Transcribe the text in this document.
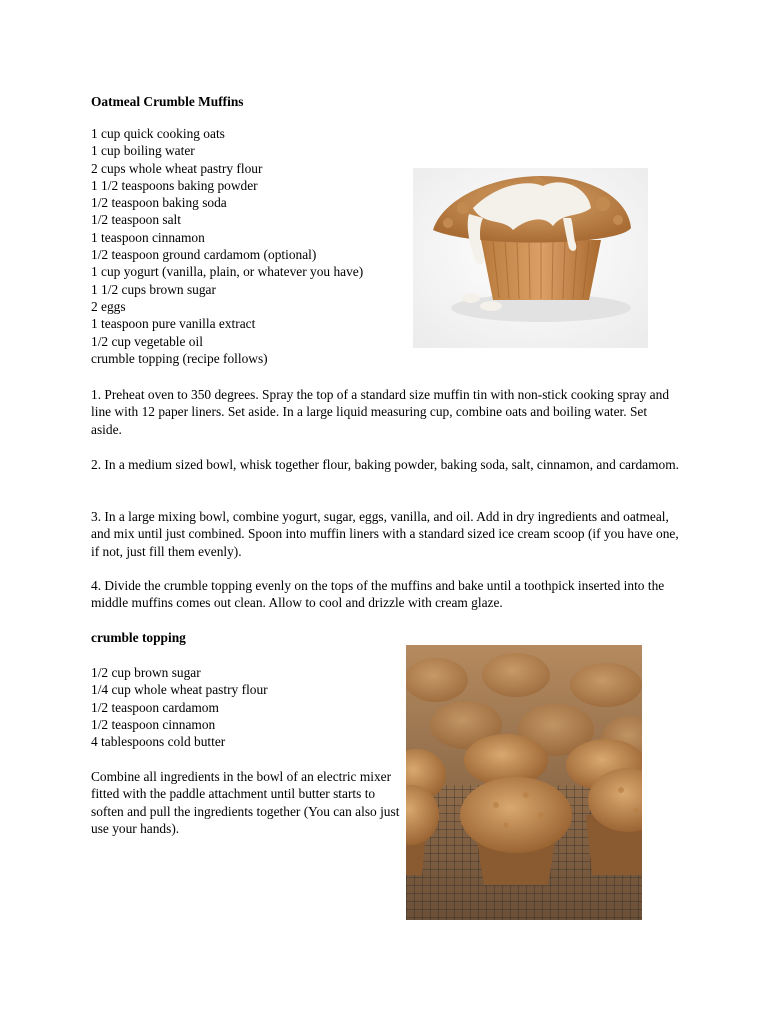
Oatmeal Crumble Muffins
1 cup quick cooking oats
1 cup boiling water
2 cups whole wheat pastry flour
1 1/2 teaspoons baking powder
1/2 teaspoon baking soda
1/2 teaspoon salt
1 teaspoon cinnamon
1/2 teaspoon ground cardamom (optional)
1 cup yogurt (vanilla, plain, or whatever you have)
1 1/2 cups brown sugar
2 eggs
1 teaspoon pure vanilla extract
1/2 cup vegetable oil
crumble topping (recipe follows)

1. Preheat oven to 350 degrees. Spray the top of a standard size muffin tin with non-stick cooking spray and line with 12 paper liners. Set aside. In a large liquid measuring cup, combine oats and boiling water. Set aside.

2. In a medium sized bowl, whisk together flour, baking powder, baking soda, salt, cinnamon, and cardamom.

3. In a large mixing bowl, combine yogurt, sugar, eggs, vanilla, and oil. Add in dry ingredients and oatmeal, and mix until just combined. Spoon into muffin liners with a standard sized ice cream scoop (if you have one, if not, just fill them evenly).

4. Divide the crumble topping evenly on the tops of the muffins and bake until a toothpick inserted into the middle muffins comes out clean. Allow to cool and drizzle with cream glaze.

crumble topping
1/2 cup brown sugar
1/4 cup whole wheat pastry flour
1/2 teaspoon cardamom
1/2 teaspoon cinnamon
4 tablespoons cold butter

Combine all ingredients in the bowl of an electric mixer fitted with the paddle attachment until butter starts to soften and pull the ingredients together (You can also just use your hands).
